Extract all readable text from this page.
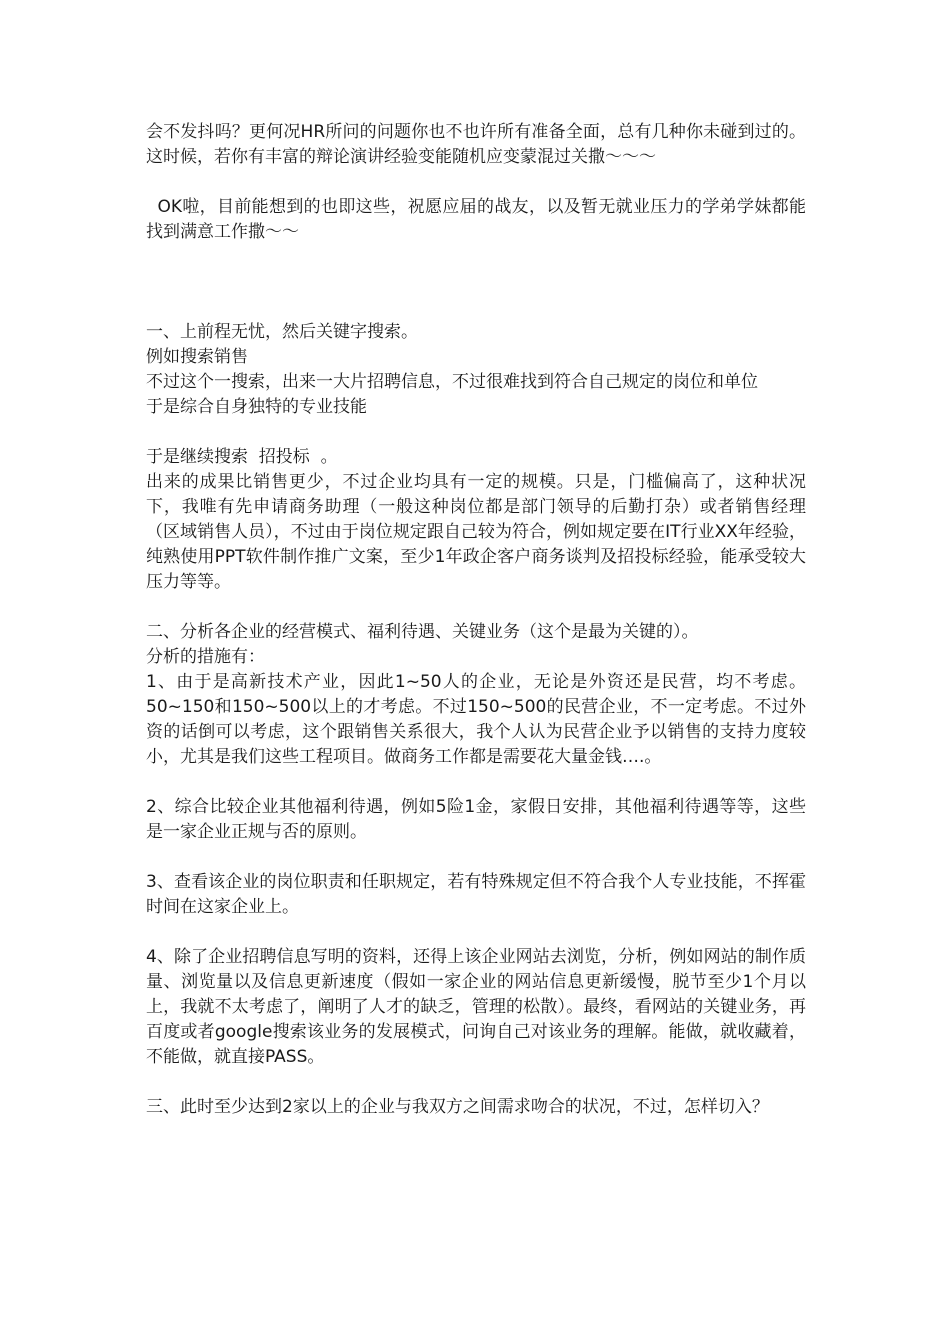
会不发抖吗？更何况HR所问的问题你也不也许所有准备全面，总有几种你未碰到过的。这时候，若你有丰富的辩论演讲经验变能随机应变蒙混过关撒～～～

OK啦，目前能想到的也即这些，祝愿应届的战友，以及暂无就业压力的学弟学妹都能找到满意工作撒～～

一、上前程无忧，然后关键字搜索。

例如搜索销售

不过这个一搜索，出来一大片招聘信息，不过很难找到符合自己规定的岗位和单位

于是综合自身独特的专业技能

于是继续搜索  招投标  。

出来的成果比销售更少，不过企业均具有一定的规模。只是，门槛偏高了，这种状况下，我唯有先申请商务助理（一般这种岗位都是部门领导的后勤打杂）或者销售经理（区域销售人员），不过由于岗位规定跟自己较为符合，例如规定要在IT行业XX年经验，纯熟使用PPT软件制作推广文案，至少1年政企客户商务谈判及招投标经验，能承受较大压力等等。

二、分析各企业的经营模式、福利待遇、关键业务（这个是最为关键的）。

分析的措施有：

1、由于是高新技术产业，因此1~50人的企业，无论是外资还是民营，均不考虑。50~150和150~500以上的才考虑。不过150~500的民营企业，不一定考虑。不过外资的话倒可以考虑，这个跟销售关系很大，我个人认为民营企业予以销售的支持力度较小，尤其是我们这些工程项目。做商务工作都是需要花大量金钱….。

2、综合比较企业其他福利待遇，例如5险1金，家假日安排，其他福利待遇等等，这些是一家企业正规与否的原则。

3、查看该企业的岗位职责和任职规定，若有特殊规定但不符合我个人专业技能，不挥霍时间在这家企业上。

4、除了企业招聘信息写明的资料，还得上该企业网站去浏览，分析，例如网站的制作质量、浏览量以及信息更新速度（假如一家企业的网站信息更新缓慢，脱节至少1个月以上，我就不太考虑了，阐明了人才的缺乏，管理的松散）。最终，看网站的关键业务，再百度或者google搜索该业务的发展模式，问询自己对该业务的理解。能做，就收藏着，不能做，就直接PASS。

三、此时至少达到2家以上的企业与我双方之间需求吻合的状况，不过，怎样切入？
